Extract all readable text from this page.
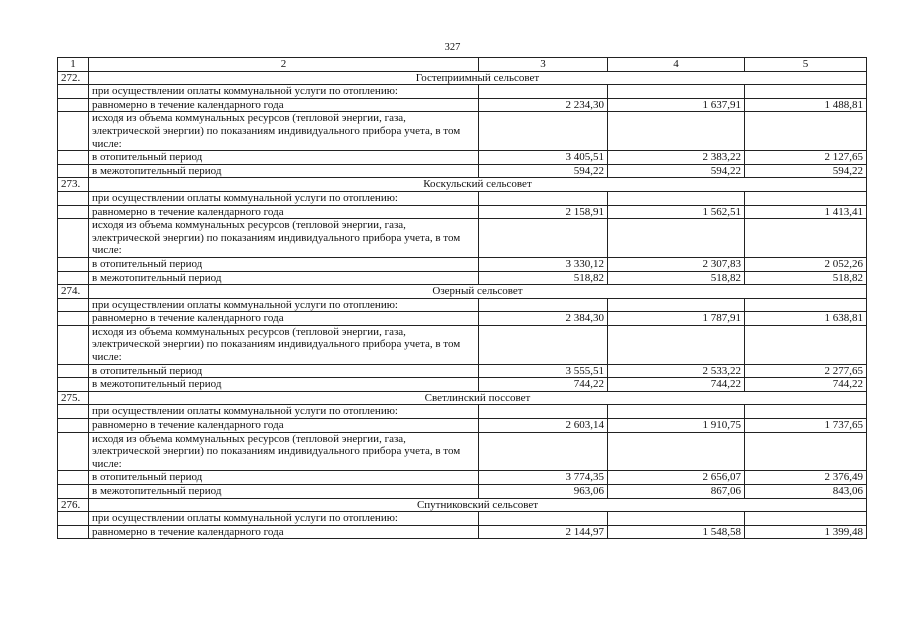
327
1	2	3	4	5
272.	Гостеприимный сельсовет			
	при осуществлении оплаты коммунальной услуги по отоплению:			
	равномерно в течение календарного года	2 234,30	1 637,91	1 488,81
	исходя из объема коммунальных ресурсов (тепловой энергии, газа, электрической энергии) по показаниям индивидуального прибора учета, в том числе:			
	в отопительный период	3 405,51	2 383,22	2 127,65
	в межотопительный период	594,22	594,22	594,22
273.	Коскульский сельсовет			
	при осуществлении оплаты коммунальной услуги по отоплению:			
	равномерно в течение календарного года	2 158,91	1 562,51	1 413,41
	исходя из объема коммунальных ресурсов (тепловой энергии, газа, электрической энергии) по показаниям индивидуального прибора учета, в том числе:			
	в отопительный период	3 330,12	2 307,83	2 052,26
	в межотопительный период	518,82	518,82	518,82
274.	Озерный сельсовет			
	при осуществлении оплаты коммунальной услуги по отоплению:			
	равномерно в течение календарного года	2 384,30	1 787,91	1 638,81
	исходя из объема коммунальных ресурсов (тепловой энергии, газа, электрической энергии) по показаниям индивидуального прибора учета, в том числе:			
	в отопительный период	3 555,51	2 533,22	2 277,65
	в межотопительный период	744,22	744,22	744,22
275.	Светлинский поссовет			
	при осуществлении оплаты коммунальной услуги по отоплению:			
	равномерно в течение календарного года	2 603,14	1 910,75	1 737,65
	исходя из объема коммунальных ресурсов (тепловой энергии, газа, электрической энергии) по показаниям индивидуального прибора учета, в том числе:			
	в отопительный период	3 774,35	2 656,07	2 376,49
	в межотопительный период	963,06	867,06	843,06
276.	Спутниковский сельсовет			
	при осуществлении оплаты коммунальной услуги по отоплению:			
	равномерно в течение календарного года	2 144,97	1 548,58	1 399,48
